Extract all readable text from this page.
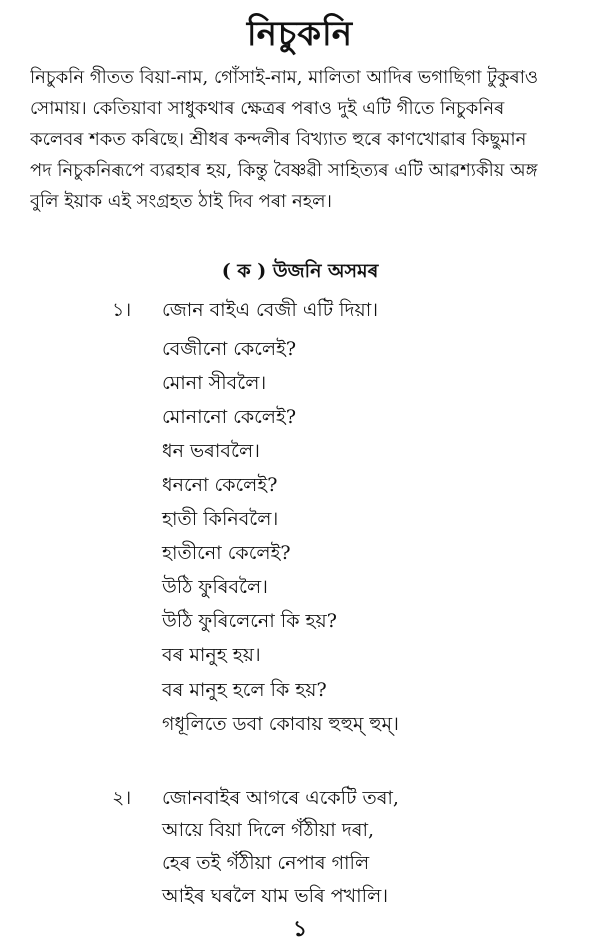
নিচুকনি
নিচুকনি গীতত বিয়া-নাম, গোঁসাই-নাম, মালিতা আদিৰ ভগাছিগা টুকুৰাও
সোমায়। কেতিয়াবা সাধুকথাৰ ক্ষেত্ৰৰ পৰাও দুই এটি গীতে নিচুকনিৰ
কলেবৰ শকত কৰিছে। শ্ৰীধৰ কন্দলীৰ বিখ্যাত হুৰে কাণখোৱাৰ কিছুমান
পদ নিচুকনিৰূপে ব্যৱহাৰ হয়, কিন্তু বৈষ্ণৱী সাহিত্যৰ এটি আৱশ্যকীয় অঙ্গ
বুলি ইয়াক এই সংগ্ৰহত ঠাই দিব পৰা নহল।
( ক ) উজনি অসমৰ
১। জোন বাইএ বেজী এটি দিয়া।
বেজীনো কেলেই?
মোনা সীবলৈ।
মোনানো কেলেই?
ধন ভৰাবলৈ।
ধননো কেলেই?
হাতী কিনিবলৈ।
হাতীনো কেলেই?
উঠি ফুৰিবলৈ।
উঠি ফুৰিলেনো কি হয়?
বৰ মানুহ হয়।
বৰ মানুহ হলে কি হয়?
গধূলিতে ডবা কোবায় হুহুম্ হুম্।
২। জোনবাইৰ আগৰে একেটি তৰা,
আয়ে বিয়া দিলে গঁঠীয়া দৰা,
হেৰ তই গঁঠীয়া নেপাৰ গালি
আইৰ ঘৰলৈ যাম ভৰি পখালি।
১
